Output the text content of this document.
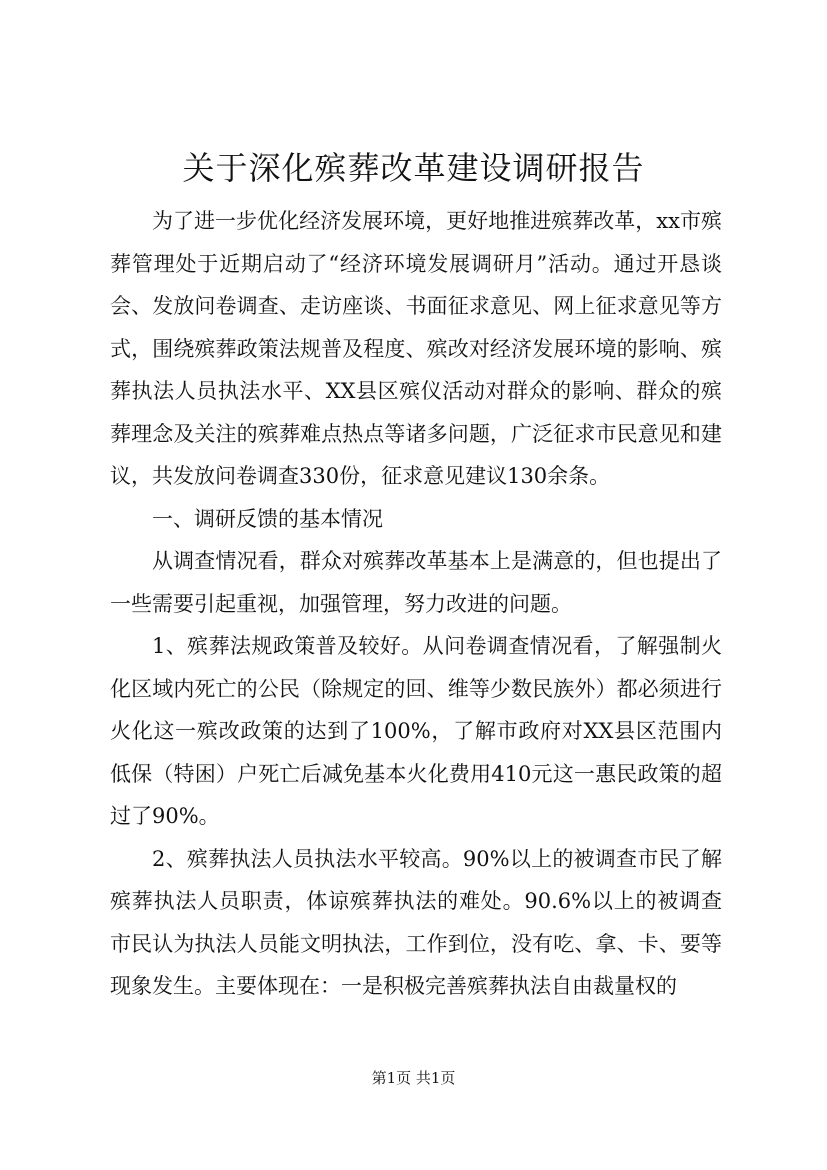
关于深化殡葬改革建设调研报告

为了进一步优化经济发展环境，更好地推进殡葬改革，xx市殡葬管理处于近期启动了“经济环境发展调研月”活动。通过开恳谈会、发放问卷调查、走访座谈、书面征求意见、网上征求意见等方式，围绕殡葬政策法规普及程度、殡改对经济发展环境的影响、殡葬执法人员执法水平、XX县区殡仪活动对群众的影响、群众的殡葬理念及关注的殡葬难点热点等诸多问题，广泛征求市民意见和建议，共发放问卷调查330份，征求意见建议130余条。

一、调研反馈的基本情况

从调查情况看，群众对殡葬改革基本上是满意的，但也提出了一些需要引起重视，加强管理，努力改进的问题。

1、殡葬法规政策普及较好。从问卷调查情况看，了解强制火化区域内死亡的公民（除规定的回、维等少数民族外）都必须进行火化这一殡改政策的达到了100%，了解市政府对XX县区范围内低保（特困）户死亡后减免基本火化费用410元这一惠民政策的超过了90%。

2、殡葬执法人员执法水平较高。90%以上的被调查市民了解殡葬执法人员职责，体谅殡葬执法的难处。90.6%以上的被调查市民认为执法人员能文明执法，工作到位，没有吃、拿、卡、要等现象发生。主要体现在：一是积极完善殡葬执法自由裁量权的

第1页 共1页
